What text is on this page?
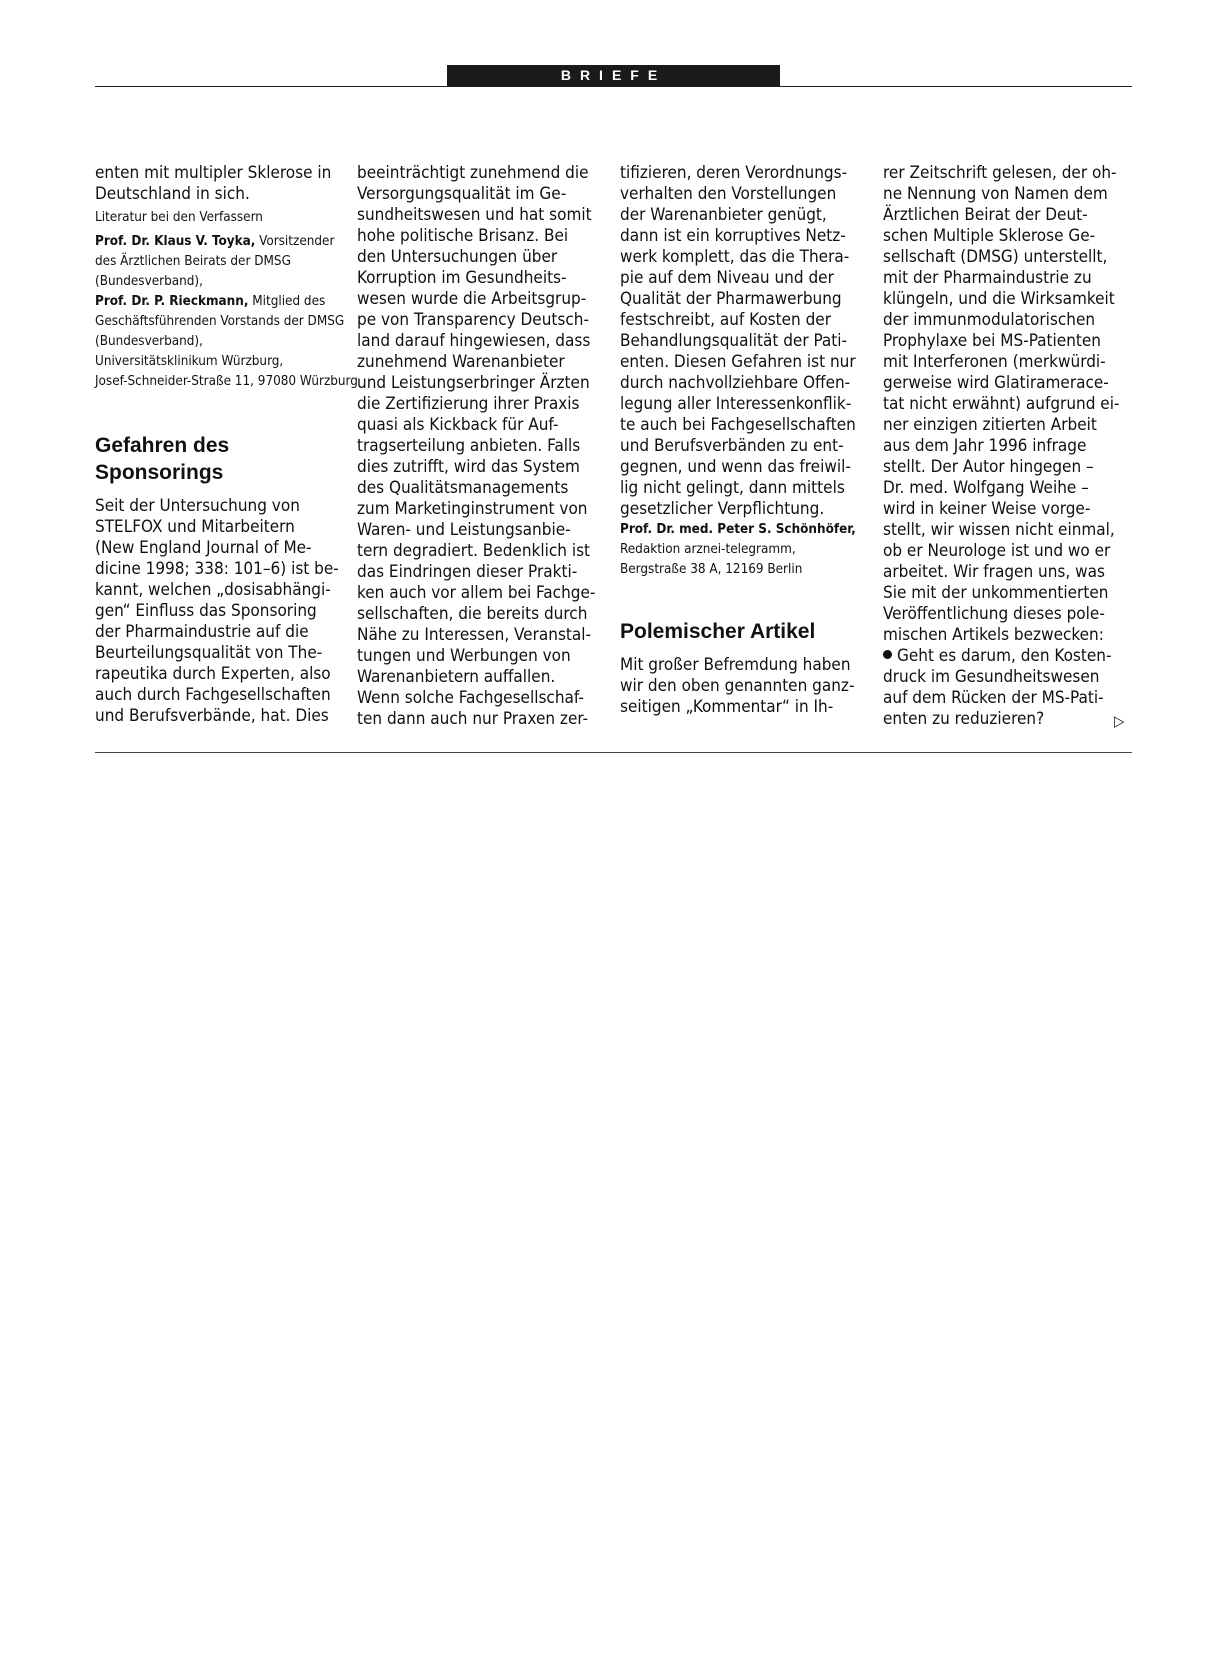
BRIEFE
enten mit multipler Sklerose in
Deutschland in sich.
Literatur bei den Verfassern
Prof. Dr. Klaus V. Toyka, Vorsitzender
des Ärztlichen Beirats der DMSG
(Bundesverband),
Prof. Dr. P. Rieckmann, Mitglied des
Geschäftsführenden Vorstands der DMSG
(Bundesverband),
Universitätsklinikum Würzburg,
Josef-Schneider-Straße 11, 97080 Würzburg
Gefahren des
Sponsorings
Seit der Untersuchung von
STELFOX und Mitarbeitern
(New England Journal of Me-
dicine 1998; 338: 101–6) ist be-
kannt, welchen „dosisabhängi-
gen“ Einfluss das Sponsoring
der Pharmaindustrie auf die
Beurteilungsqualität von The-
rapeutika durch Experten, also
auch durch Fachgesellschaften
und Berufsverbände, hat. Dies
beeinträchtigt zunehmend die
Versorgungsqualität im Ge-
sundheitswesen und hat somit
hohe politische Brisanz. Bei
den Untersuchungen über
Korruption im Gesundheits-
wesen wurde die Arbeitsgrup-
pe von Transparency Deutsch-
land darauf hingewiesen, dass
zunehmend Warenanbieter
und Leistungserbringer Ärzten
die Zertifizierung ihrer Praxis
quasi als Kickback für Auf-
tragserteilung anbieten. Falls
dies zutrifft, wird das System
des Qualitätsmanagements
zum Marketinginstrument von
Waren- und Leistungsanbie-
tern degradiert. Bedenklich ist
das Eindringen dieser Prakti-
ken auch vor allem bei Fachge-
sellschaften, die bereits durch
Nähe zu Interessen, Veranstal-
tungen und Werbungen von
Warenanbietern auffallen.
Wenn solche Fachgesellschaf-
ten dann auch nur Praxen zer-
tifizieren, deren Verordnungs-
verhalten den Vorstellungen
der Warenanbieter genügt,
dann ist ein korruptives Netz-
werk komplett, das die Thera-
pie auf dem Niveau und der
Qualität der Pharmawerbung
festschreibt, auf Kosten der
Behandlungsqualität der Pati-
enten. Diesen Gefahren ist nur
durch nachvollziehbare Offen-
legung aller Interessenkonflik-
te auch bei Fachgesellschaften
und Berufsverbänden zu ent-
gegnen, und wenn das freiwil-
lig nicht gelingt, dann mittels
gesetzlicher Verpflichtung.
Prof. Dr. med. Peter S. Schönhöfer,
Redaktion arznei-telegramm,
Bergstraße 38 A, 12169 Berlin
Polemischer Artikel
Mit großer Befremdung haben
wir den oben genannten ganz-
seitigen „Kommentar“ in Ih-
rer Zeitschrift gelesen, der oh-
ne Nennung von Namen dem
Ärztlichen Beirat der Deut-
schen Multiple Sklerose Ge-
sellschaft (DMSG) unterstellt,
mit der Pharmaindustrie zu
klüngeln, und die Wirksamkeit
der immunmodulatorischen
Prophylaxe bei MS-Patienten
mit Interferonen (merkwürdi-
gerweise wird Glatiramerace-
tat nicht erwähnt) aufgrund ei-
ner einzigen zitierten Arbeit
aus dem Jahr 1996 infrage
stellt. Der Autor hingegen –
Dr. med. Wolfgang Weihe –
wird in keiner Weise vorge-
stellt, wir wissen nicht einmal,
ob er Neurologe ist und wo er
arbeitet. Wir fragen uns, was
Sie mit der unkommentierten
Veröffentlichung dieses pole-
mischen Artikels bezwecken:
Geht es darum, den Kosten-
druck im Gesundheitswesen
auf dem Rücken der MS-Pati-
enten zu reduzieren?	▷
